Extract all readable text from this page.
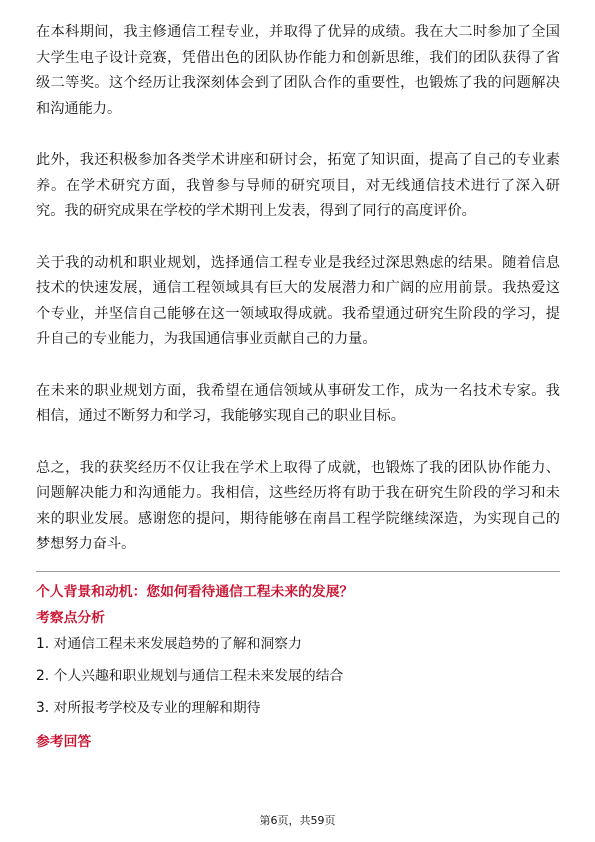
在本科期间，我主修通信工程专业，并取得了优异的成绩。我在大二时参加了全国大学生电子设计竞赛，凭借出色的团队协作能力和创新思维，我们的团队获得了省级二等奖。这个经历让我深刻体会到了团队合作的重要性，也锻炼了我的问题解决和沟通能力。

此外，我还积极参加各类学术讲座和研讨会，拓宽了知识面，提高了自己的专业素养。在学术研究方面，我曾参与导师的研究项目，对无线通信技术进行了深入研究。我的研究成果在学校的学术期刊上发表，得到了同行的高度评价。

关于我的动机和职业规划，选择通信工程专业是我经过深思熟虑的结果。随着信息技术的快速发展，通信工程领域具有巨大的发展潜力和广阔的应用前景。我热爱这个专业，并坚信自己能够在这一领域取得成就。我希望通过研究生阶段的学习，提升自己的专业能力，为我国通信事业贡献自己的力量。

在未来的职业规划方面，我希望在通信领域从事研发工作，成为一名技术专家。我相信，通过不断努力和学习，我能够实现自己的职业目标。

总之，我的获奖经历不仅让我在学术上取得了成就，也锻炼了我的团队协作能力、问题解决能力和沟通能力。我相信，这些经历将有助于我在研究生阶段的学习和未来的职业发展。感谢您的提问，期待能够在南昌工程学院继续深造，为实现自己的梦想努力奋斗。

个人背景和动机：您如何看待通信工程未来的发展？

考察点分析

1. 对通信工程未来发展趋势的了解和洞察力
2. 个人兴趣和职业规划与通信工程未来发展的结合
3. 对所报考学校及专业的理解和期待

参考回答

第6页，共59页
